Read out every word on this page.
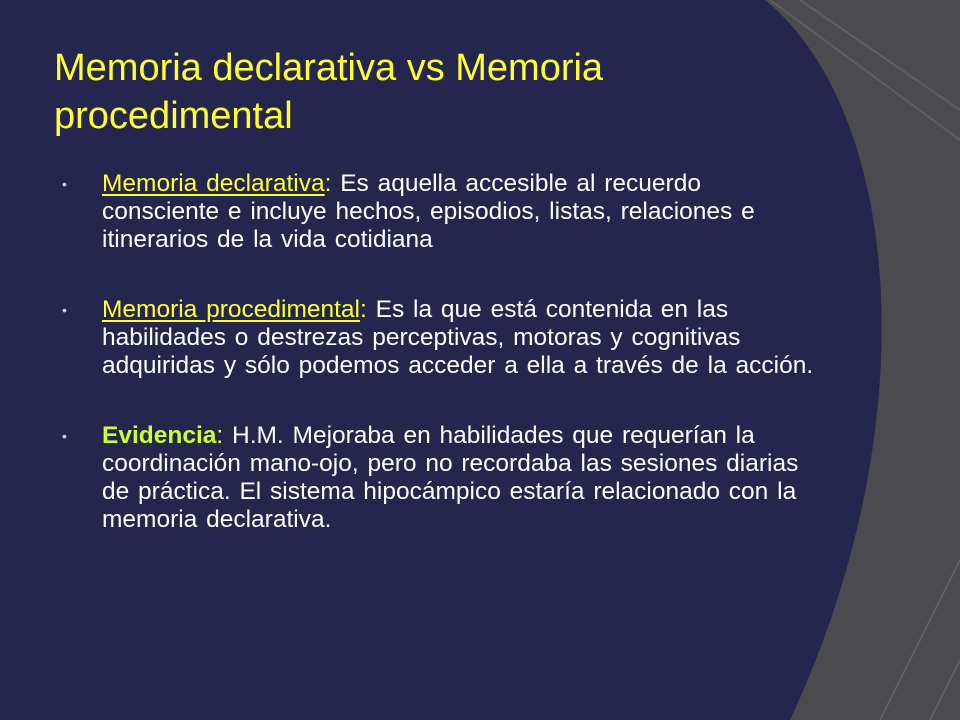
Memoria declarativa vs Memoria procedimental
• Memoria declarativa: Es aquella accesible al recuerdo consciente e incluye hechos, episodios, listas, relaciones e itinerarios de la vida cotidiana
• Memoria procedimental: Es la que está contenida en las habilidades o destrezas perceptivas, motoras y cognitivas adquiridas y sólo podemos acceder a ella a través de la acción.
• Evidencia: H.M. Mejoraba en habilidades que requerían la coordinación mano-ojo, pero no recordaba las sesiones diarias de práctica. El sistema hipocámpico estaría relacionado con la memoria declarativa.
